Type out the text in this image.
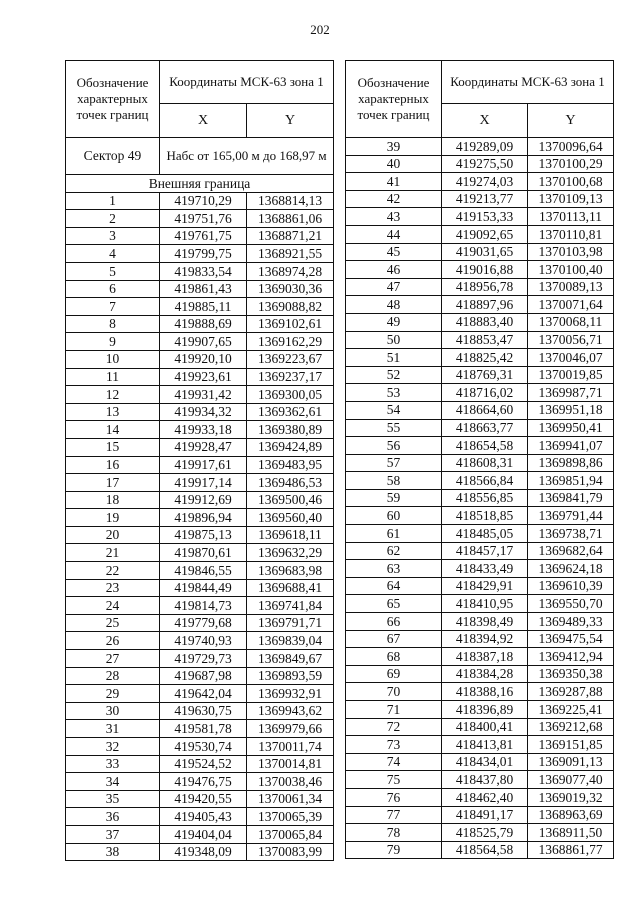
202
Обозначение характерных точек границ	Координаты МСК-63 зона 1	
	X	Y
Сектор 49	Набс от 165,00 м до 168,97 м	
Внешняя граница		
1	419710,29	1368814,13
2	419751,76	1368861,06
3	419761,75	1368871,21
4	419799,75	1368921,55
5	419833,54	1368974,28
6	419861,43	1369030,36
7	419885,11	1369088,82
8	419888,69	1369102,61
9	419907,65	1369162,29
10	419920,10	1369223,67
11	419923,61	1369237,17
12	419931,42	1369300,05
13	419934,32	1369362,61
14	419933,18	1369380,89
15	419928,47	1369424,89
16	419917,61	1369483,95
17	419917,14	1369486,53
18	419912,69	1369500,46
19	419896,94	1369560,40
20	419875,13	1369618,11
21	419870,61	1369632,29
22	419846,55	1369683,98
23	419844,49	1369688,41
24	419814,73	1369741,84
25	419779,68	1369791,71
26	419740,93	1369839,04
27	419729,73	1369849,67
28	419687,98	1369893,59
29	419642,04	1369932,91
30	419630,75	1369943,62
31	419581,78	1369979,66
32	419530,74	1370011,74
33	419524,52	1370014,81
34	419476,75	1370038,46
35	419420,55	1370061,34
36	419405,43	1370065,39
37	419404,04	1370065,84
38	419348,09	1370083,99
Обозначение характерных точек границ	Координаты МСК-63 зона 1	
	X	Y
39	419289,09	1370096,64
40	419275,50	1370100,29
41	419274,03	1370100,68
42	419213,77	1370109,13
43	419153,33	1370113,11
44	419092,65	1370110,81
45	419031,65	1370103,98
46	419016,88	1370100,40
47	418956,78	1370089,13
48	418897,96	1370071,64
49	418883,40	1370068,11
50	418853,47	1370056,71
51	418825,42	1370046,07
52	418769,31	1370019,85
53	418716,02	1369987,71
54	418664,60	1369951,18
55	418663,77	1369950,41
56	418654,58	1369941,07
57	418608,31	1369898,86
58	418566,84	1369851,94
59	418556,85	1369841,79
60	418518,85	1369791,44
61	418485,05	1369738,71
62	418457,17	1369682,64
63	418433,49	1369624,18
64	418429,91	1369610,39
65	418410,95	1369550,70
66	418398,49	1369489,33
67	418394,92	1369475,54
68	418387,18	1369412,94
69	418384,28	1369350,38
70	418388,16	1369287,88
71	418396,89	1369225,41
72	418400,41	1369212,68
73	418413,81	1369151,85
74	418434,01	1369091,13
75	418437,80	1369077,40
76	418462,40	1369019,32
77	418491,17	1368963,69
78	418525,79	1368911,50
79	418564,58	1368861,77
